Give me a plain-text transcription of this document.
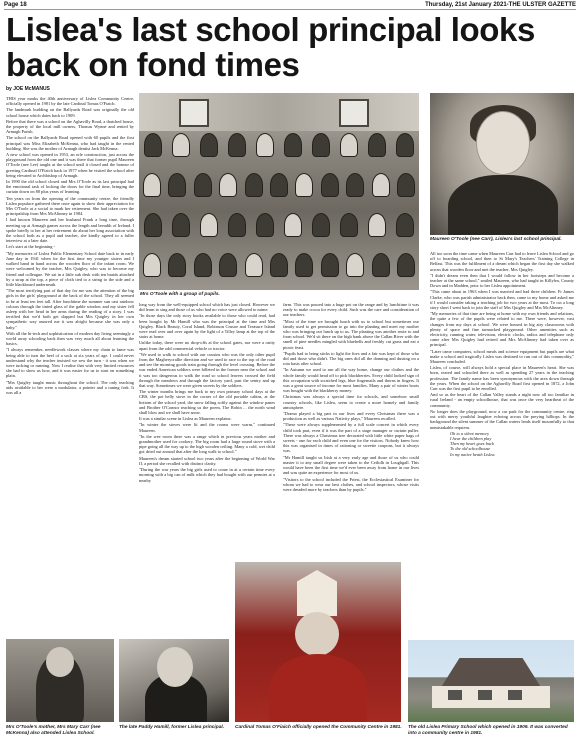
Page 18	Thursday, 21st January 2021-THE ULSTER GAZETTE
Lislea's last school principal looks back on fond times
by JOE McMANUS

THIS year marks the 40th anniversary of Lislea Community Centre, officially opened in 1981 by the late Cardinal Tomas O'Fiaich.

The landmark building on the Ballyards Road was originally the old school house which dates back to 1909.

Before that there was a school on the Aghavilly Road, a thatched house, the property of the local mill owners, Thomas Wynne and rented by Armagh Parish.

The school on the Ballyards Road opened with 60 pupils and the first principal was Miss Elizabeth McKenna, who had taught in the rented building. She was the mother of Armagh dentist Jack McKenna.

A new school was opened in 1953, an orle construction, just across the playground from the old one and it was there that former pupil Maureen O'Toole (nee Lee) taught at the school until it closed and the honour of greeting Cardinal O'Fiaich back in 1977 when he visited the school after being elevated to Archbishop of Armagh.

In 1990 the old school closed and Mrs O'Toole as its last principal had the emotional task of locking the doors for the final time, bringing the curtain down on 80 plus years of learning.

Ten years on from the opening of the community centre, the friendly Lislea populace gathered there once again to show their appreciation for Mrs O'Toole at a social to mark her retirement. She had taken over the principalship from Mrs McAlinney in 1984.

I had known Maureen and her husband Frank a long time, through meeting up at Armagh games across the length and breadth of Ireland. I spoke briefly to her at her retirement do about her long association with the school both as a pupil and teacher, she kindly agreed to a fuller interview at a later date.

Let's start at the beginning -

"My memories of Lislea Public Elementary School date back to in early June day in 1941 when for the first time my younger sisters and I walked hand in hand across the wooden floor of the infant room. We were welcomed by the teacher, Mrs Quigley, who was to become my friend and colleague. We sat in a little oak desk with ten braids attached by a strap at the top, a piece of cloth tied to a string to the side and a little blackboard underneath.

"The most terrifying part of that day for me was the attention of the big girls in the girls' playground at the back of the school. They all seemed to be at least ten feet tall. After lunchtime the summer sun cast rainbow colours through the tinted glass of the gable window and my sister fell asleep with her head in her arms during the reading of a story. I was terrified that we'd both get slapped but Mrs Quigley in her own sympathetic way assured me it was alright because she was only a baby."

With all the hi-tech and sophistication of modern day living seemingly a world away schooling back then was very much all about learning the basics.

"I always remember, needlework classes where my chain to fame was being able to turn the heel of a sock at six years of age. I could never understand why the teacher insisted we sew the turn - it was when we were tucking or running. Now I realise that with very limited resources she had to show us how, and it was easier for us to start on something plain.

"Mrs Quigley taught music throughout the school. The only teaching aids available to her were a modulator, a pointer and a tuning fork. It was all a

Mrs O'Toole with a group of pupils.

long way from the well-equipped school which has just closed. However we did learn to sing and those of us who had no voice were allowed to mime.

"In those days the only story books available to those who could read, had been bought by Mr Hamill who was the principal at the time and Mrs Quigley. Black Beauty, Coral Island, Robinson Crusoe and Treasure Island were read over and over again by the light of a Tilley lamp at the top of the stairs at home.

Unlike today, there were no drop-offs at the school gates, nor were a rarity apart from the odd commercial vehicle or tractor.

"We used to walk to school with our cousins who was the only other pupil from the Magherycrallie direction and we used to race to the top of the road and see the morning goods train going through the level crossing. Before the war ended American soldiers were billeted in the former near the school and it was too dangerous to walk the road so school leavers crossed the field through the meadows and through the factory yard, past the sentry and up that way. Sometimes we were given sweets by the soldiers.

The winter months brings me back to my own primary school days at the CBS, the pot belly stove in the corner of the old portable cabins, at the bottom of the school yard, the snow falling softly against the window panes and Brother O'Connor teaching us the poem, The Robin ... the north wind shall blow and we shall have snow.

It was a similar scene in Lislea as Maureen explains:

"In winter the stoves were lit and the rooms were warm," continued Maureen.

"In the wee room there was a range which in previous years mother and grandmother used for cookery. The big room had a large round stove with a pipe going all the way up to the high wooden ceiling. Many a cold, wet child got dried out around that after the long walk to school."

Maureen's dream started school two years after the beginning of World War II, a period she recalled with distinct clarity.

"During the war years the big girls used to come in at a certain time every morning with a big can of milk which they had bought with our pennies at a nearby

farm. This was poured into a huge pot on the range and by lunchtime it was ready to make cocoa for every child. Such was the care and consideration of our teachers.

"Most of the time we brought lunch with us to school but sometimes our family used to get permission to go into the planting and meet my mother who was bringing our lunch up to us. The planting was another route to and from school. We'd sit there on the high bank above the Callan River with the smell of pine needles mingled with bluebells and freshly cut grass and eat a picnic feast.

"Pupils had to bring sticks to light the fires and a fair was kept of those who did and those who didn't. The big ones did all the donning and dusting on a rota basis after school.

"In Autumn we used to run all the way home, change our clothes and the whole family would head off to pick blackberries. Every child looked sign of this occupation with scratched legs, blue fingernails and thorns in fingers. It was a great source of income for most families. Many a pair of winter boots was bought with the blackberry money.

Christmas was always a special time for schools, and somehow small country schools, like Lislea, seem to create a more homely and family atmosphere.

"Drama played a big part in our lives and every Christmas there was a production as well as various Nativity plays," Maureen recalled.

"These were always supplemented by a full scale concert in which every child took part, even if it was the part of a stage manager or curtain puller. There was always a Christmas tree decorated with little white paper bags of sweets - one for each child and even one for the visitors. Nobody knew how this was organised in times of rationing or sweetie coupons, but it always was.

"Mr Hamill taught us Irish at a very early age and those of us who could master it to any small degree were taken to the Ceilidh in Loughgall. This would have been the first time we'd ever been away from home in our lives and was quite an experience for most of us.

"Visitors to the school included the Priest, the Ecclesiastical Examiner for whom we had to wear our best clothes, and school inspectors, whose visits were dreaded more by teachers than by pupils."

Maureen O'Toole (nee Carr), Lislea's last school principal.

All too soon the time came when Maureen Carr had to leave Lislea School and go off to boarding school, and then to St Mary's Teachers' Training College in Belfast. This was the fulfilment of a dream which began the first day she walked across that wooden floor and met the teacher, Mrs Quigley.

"I didn't dream even then that I would follow in her footsteps and become a teacher at the same school," smiled Maureen, who had taught in Killylea, County Down and in Madden, prior to her Lislea appointment.

"This came about in 1963 when I was married and had three children. Fr James Clarke, who was parish administrator back then, came to my home and asked me if I would consider taking a teaching job for two years at the most. To cut a long story short I went back to join the staff of Mrs Quigley and Mrs McAlinney.

"My memories of that time are being at home with my own friends and relations, the quite a few of the pupils were related to me. There were, however, vast changes from my days at school. We were housed in big airy classrooms with plenty of space and fine tarmacked playground. Other amenities such as electricity, running water, television, electric clocks, radios and telephone only came after Mrs Quigley had retired and Mrs McAlinney had taken over as principal.

"Later came computers, school meals and science equipment but pupils are what make a school and tragically Lislea was destined to run out of this commodity," Maureen concluded.

Lislea, of course, will always hold a special place in Maureen's heart. She was born, reared and schooled there as well as spending 27 years in the teaching profession. The family name has been synonymous with the area down through the years. When the school on the Aghavilly Road first opened in 1872, a John Carr was the first pupil to be enrolled.

And so as the heart of the Callan Valley stands a night now all too familiar in rural Ireland - an empty schoolhouse, that was once the very heartbeat of the community.

No longer does the playground, now a car park for the community centre, ring out with merry youthful laughter echoing across the preying hilltops. In the background the silent summer of the Callan waters lends itself mournfully to that unmistakable requiem.

Oh to a silent memory
I hear the children play
Then my heart goes back
To the old schoolhouse
In my native heath Lislea.
Mrs O'Toole's mother, Mrs Mary Carr (nee McKenna) also attended Lislea School.
The late Paddy Hamill, former Lislea principal.	Cardinal Tomas O'Fiaich officially opened the Community Centre in 1981.	The old Lislea Primary School which opened in 1909. It was converted into a community centre in 1981.
